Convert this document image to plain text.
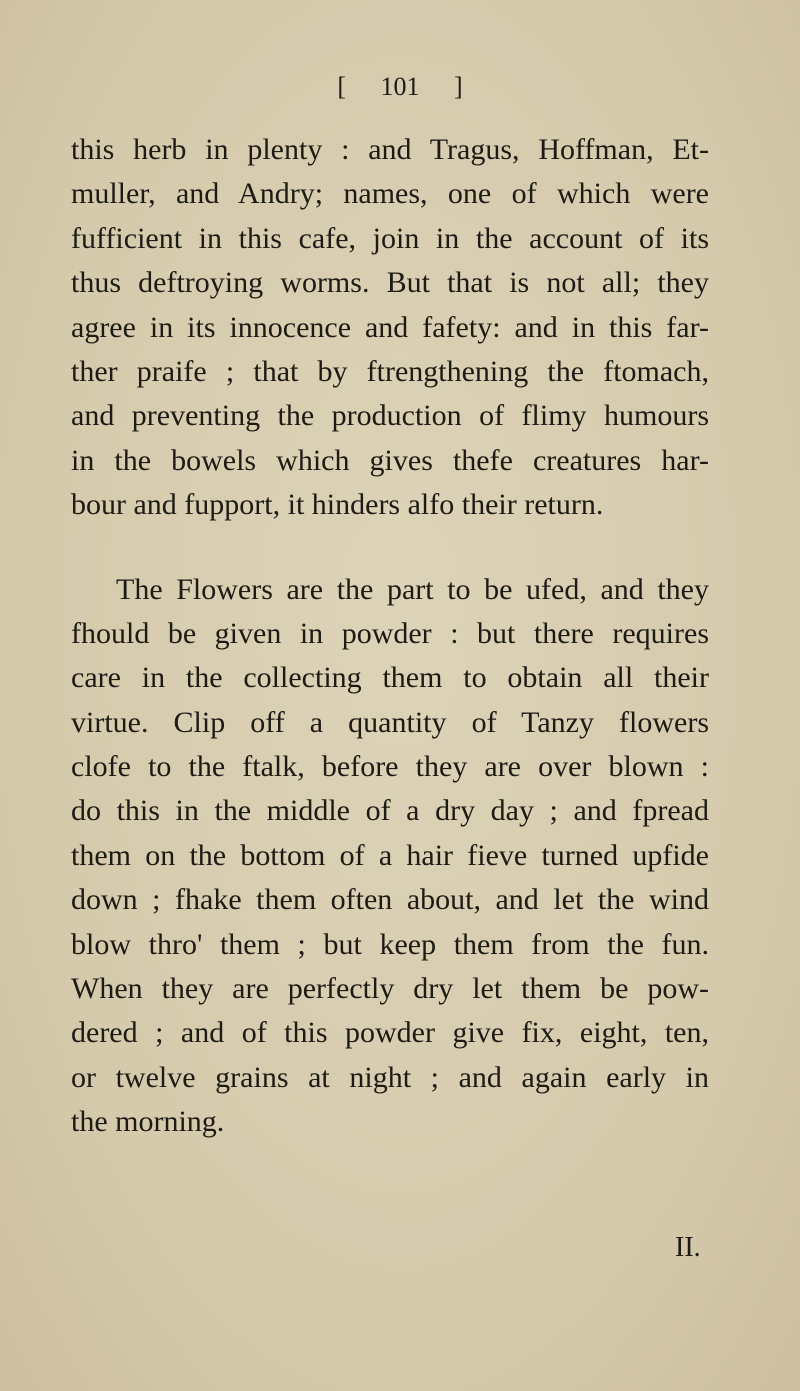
[ 101 ]
this herb in plenty : and Tragus, Hoffman, Et-
muller, and Andry; names, one of which were
fufficient in this cafe, join in the account of its
thus deftroying worms. But that is not all; they
agree in its innocence and fafety: and in this far-
ther praife ; that by ftrengthening the ftomach,
and preventing the production of flimy humours
in the bowels which gives thefe creatures har-
bour and fupport, it hinders alfo their return.
The Flowers are the part to be ufed, and they
fhould be given in powder : but there requires
care in the collecting them to obtain all their
virtue. Clip off a quantity of Tanzy flowers
clofe to the ftalk, before they are over blown :
do this in the middle of a dry day ; and fpread
them on the bottom of a hair fieve turned upfide
down ; fhake them often about, and let the wind
blow thro' them ; but keep them from the fun.
When they are perfectly dry let them be pow-
dered ; and of this powder give fix, eight, ten,
or twelve grains at night ; and again early in
the morning.
II.
